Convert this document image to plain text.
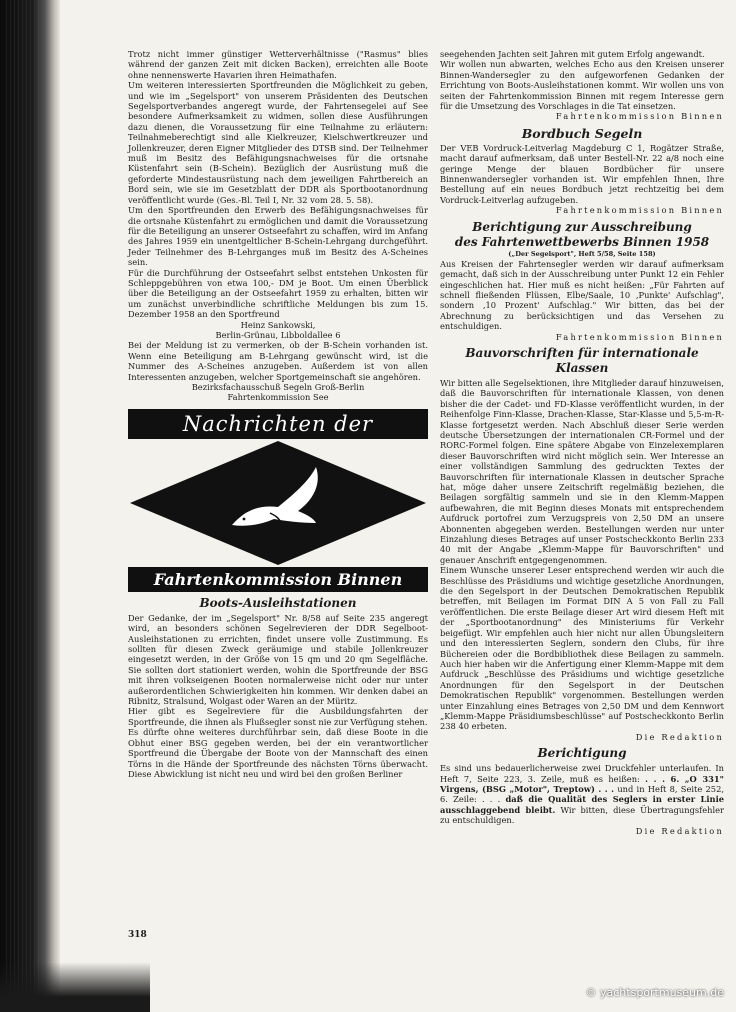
Trotz nicht immer günstiger Wetterverhältnisse ("Rasmus" blies während der ganzen Zeit mit dicken Backen), erreichten alle Boote ohne nennenswerte Havarien ihren Heimathafen.

Um weiteren interessierten Sportfreunden die Möglichkeit zu geben, und wie im „Segelsport" von unserem Präsidenten des Deutschen Segelsportverbandes angeregt wurde, der Fahrtensegelei auf See besondere Aufmerksamkeit zu widmen, sollen diese Ausführungen dazu dienen, die Voraussetzung für eine Teilnahme zu erläutern: Teilnahmeberechtigt sind alle Kielkreuzer, Kielschwertkreuzer und Jollenkreuzer, deren Eigner Mitglieder des DTSB sind. Der Teilnehmer muß im Besitz des Befähigungsnachweises für die ortsnahe Küstenfahrt sein (B-Schein). Bezüglich der Ausrüstung muß die geforderte Mindestausrüstung nach dem jeweiligen Fahrtbereich an Bord sein, wie sie im Gesetzblatt der DDR als Sportbootanordnung veröffentlicht wurde (Ges.-Bl. Teil I, Nr. 32 vom 28. 5. 58).

Um den Sportfreunden den Erwerb des Befähigungsnachweises für die ortsnahe Küstenfahrt zu ermöglichen und damit die Voraussetzung für die Beteiligung an unserer Ostseefahrt zu schaffen, wird im Anfang des Jahres 1959 ein unentgeltlicher B-Schein-Lehrgang durchgeführt. Jeder Teilnehmer des B-Lehrganges muß im Besitz des A-Scheines sein.

Für die Durchführung der Ostseefahrt selbst entstehen Unkosten für Schleppgebühren von etwa 100,- DM je Boot. Um einen Überblick über die Beteiligung an der Ostseefahrt 1959 zu erhalten, bitten wir um zunächst unverbindliche schriftliche Meldungen bis zum 15. Dezember 1958 an den Sportfreund

Heinz Sankowski,

Berlin-Grünau, Libboldallee 6

Bei der Meldung ist zu vermerken, ob der B-Schein vorhanden ist. Wenn eine Beteiligung am B-Lehrgang gewünscht wird, ist die Nummer des A-Scheines anzugeben. Außerdem ist von allen Interessenten anzugeben, welcher Sportgemeinschaft sie angehören.

Bezirksfachausschuß Segeln Groß-Berlin

Fahrtenkommission See

Nachrichten der
Fahrtenkommission Binnen
Boots-Ausleihstationen

Der Gedanke, der im „Segelsport" Nr. 8/58 auf Seite 235 angeregt wird, an besonders schönen Segelrevieren der DDR Segelboot-Ausleihstationen zu errichten, findet unsere volle Zustimmung. Es sollten für diesen Zweck geräumige und stabile Jollenkreuzer eingesetzt werden, in der Größe von 15 qm und 20 qm Segelfläche. Sie sollten dort stationiert werden, wohin die Sportfreunde der BSG mit ihren volkseigenen Booten normalerweise nicht oder nur unter außerordentlichen Schwierigkeiten hin kommen. Wir denken dabei an Ribnitz, Stralsund, Wolgast oder Waren an der Müritz.

Hier gibt es Segelreviere für die Ausbildungsfahrten der Sportfreunde, die ihnen als Flußsegler sonst nie zur Verfügung stehen.

Es dürfte ohne weiteres durchführbar sein, daß diese Boote in die Obhut einer BSG gegeben werden, bei der ein verantwortlicher Sportfreund die Übergabe der Boote von der Mannschaft des einen Törns in die Hände der Sportfreunde des nächsten Törns überwacht. Diese Abwicklung ist nicht neu und wird bei den großen Berliner

seegehenden Jachten seit Jahren mit gutem Erfolg angewandt.

Wir wollen nun abwarten, welches Echo aus den Kreisen unserer Binnen-Wandersegler zu den aufgeworfenen Gedanken der Errichtung von Boots-Ausleihstationen kommt. Wir wollen uns von seiten der Fahrtenkommission Binnen mit regem Interesse gern für die Umsetzung des Vorschlages in die Tat einsetzen.

Fahrtenkommission Binnen

Bordbuch Segeln

Der VEB Vordruck-Leitverlag Magdeburg C 1, Rogätzer Straße, macht darauf aufmerksam, daß unter Bestell-Nr. 22 a/8 noch eine geringe Menge der blauen Bordbücher für unsere Binnenwandersegler vorhanden ist. Wir empfehlen Ihnen, Ihre Bestellung auf ein neues Bordbuch jetzt rechtzeitig bei dem Vordruck-Leitverlag aufzugeben.

Fahrtenkommission Binnen

Berichtigung zur Ausschreibung
des Fahrtenwettbewerbs Binnen 1958

(„Der Segelsport", Heft 5/58, Seite 158)

Aus Kreisen der Fahrtensegler werden wir darauf aufmerksam gemacht, daß sich in der Ausschreibung unter Punkt 12 ein Fehler eingeschlichen hat. Hier muß es nicht heißen: „Für Fahrten auf schnell fließenden Flüssen, Elbe/Saale, 10 ‚Punkte' Aufschlag", sondern ‚10 Prozent' Aufschlag." Wir bitten, das bei der Abrechnung zu berücksichtigen und das Versehen zu entschuldigen.

Fahrtenkommission Binnen

Bauvorschriften für internationale Klassen

Wir bitten alle Segelsektionen, ihre Mitglieder darauf hinzuweisen, daß die Bauvorschriften für internationale Klassen, von denen bisher die der Cadet- und FD-Klasse veröffentlicht wurden, in der Reihenfolge Finn-Klasse, Drachen-Klasse, Star-Klasse und 5,5-m-R-Klasse fortgesetzt werden. Nach Abschluß dieser Serie werden deutsche Übersetzungen der internationalen CR-Formel und der RORC-Formel folgen. Eine spätere Abgabe von Einzelexemplaren dieser Bauvorschriften wird nicht möglich sein. Wer Interesse an einer vollständigen Sammlung des gedruckten Textes der Bauvorschriften für internationale Klassen in deutscher Sprache hat, möge daher unsere Zeitschrift regelmäßig beziehen, die Beilagen sorgfältig sammeln und sie in den Klemm-Mappen aufbewahren, die mit Beginn dieses Monats mit entsprechendem Aufdruck portofrei zum Verzugspreis von 2,50 DM an unsere Abonnenten abgegeben werden. Bestellungen werden nur unter Einzahlung dieses Betrages auf unser Postscheckkonto Berlin 233 40 mit der Angabe „Klemm-Mappe für Bauvorschriften" und genauer Anschrift entgegengenommen.

Einem Wunsche unserer Leser entsprechend werden wir auch die Beschlüsse des Präsidiums und wichtige gesetzliche Anordnungen, die den Segelsport in der Deutschen Demokratischen Republik betreffen, mit Beilagen im Format DIN A 5 von Fall zu Fall veröffentlichen. Die erste Beilage dieser Art wird diesem Heft mit der „Sportbootanordnung" des Ministeriums für Verkehr beigefügt. Wir empfehlen auch hier nicht nur allen Übungsleitern und den interessierten Seglern, sondern den Clubs, für ihre Büchereien oder die Bordbibliothek diese Beilagen zu sammeln. Auch hier haben wir die Anfertigung einer Klemm-Mappe mit dem Aufdruck „Beschlüsse des Präsidiums und wichtige gesetzliche Anordnungen für den Segelsport in der Deutschen Demokratischen Republik" vorgenommen. Bestellungen werden unter Einzahlung eines Betrages von 2,50 DM und dem Kennwort „Klemm-Mappe Präsidiumsbeschlüsse" auf Postscheckkonto Berlin 238 40 erbeten.

Die Redaktion

Berichtigung

Es sind uns bedauerlicherweise zwei Druckfehler unterlaufen. In Heft 7, Seite 223, 3. Zeile, muß es heißen: . . . 6. „O 331" Virgens, (BSG „Motor", Treptow) . . . und in Heft 8, Seite 252, 6. Zeile: . . . daß die Qualität des Seglers in erster Linie ausschlaggebend bleibt. Wir bitten, diese Übertragungsfehler zu entschuldigen.

Die Redaktion

318
© yachtsportmuseum.de
